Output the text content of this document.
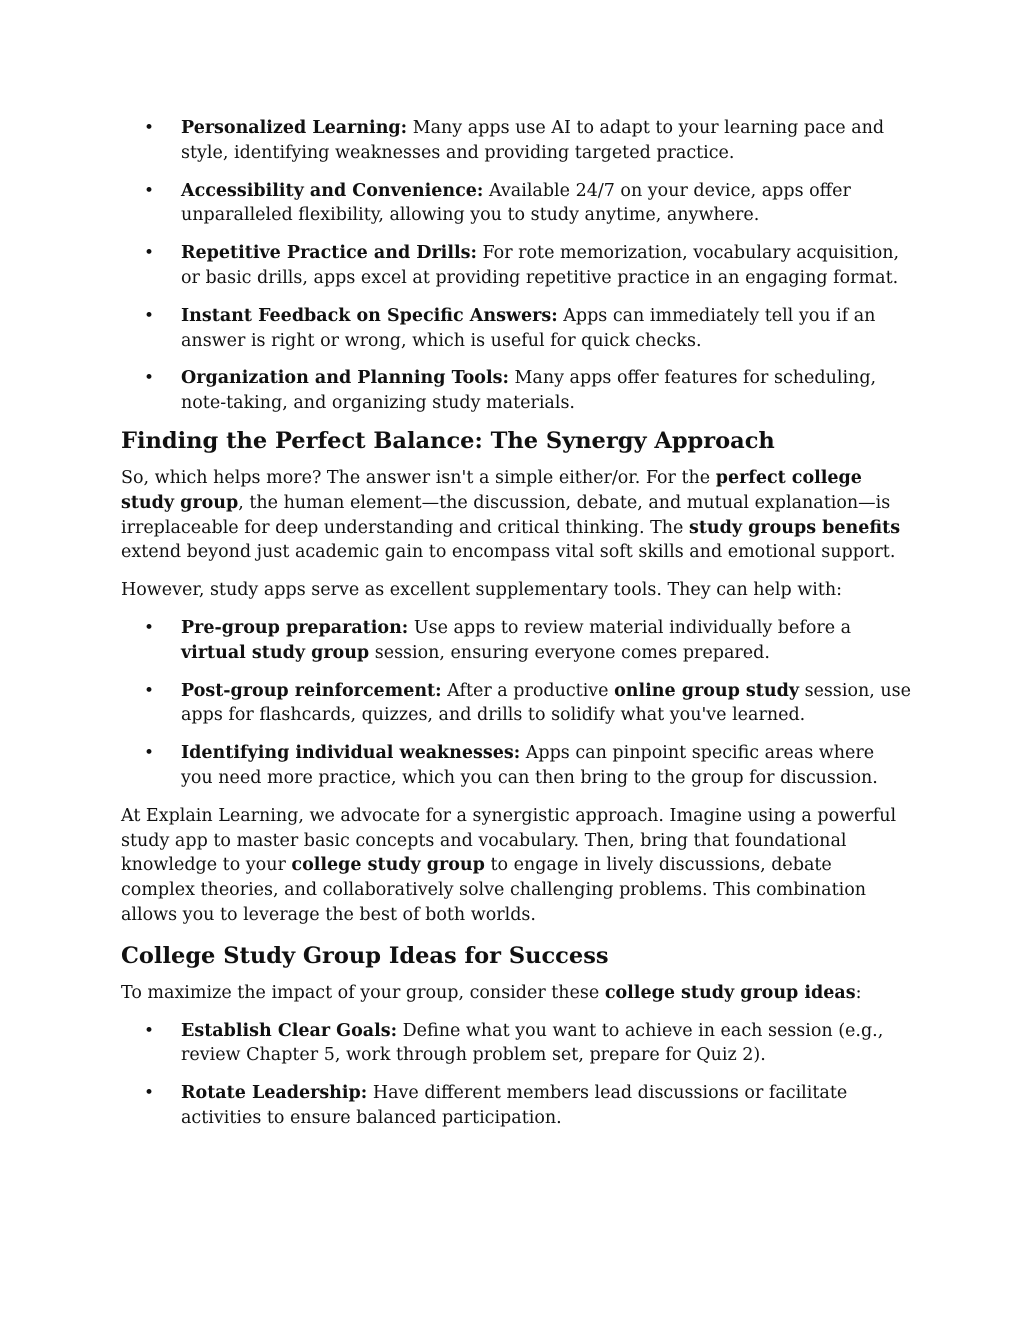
• Personalized Learning: Many apps use AI to adapt to your learning pace and style, identifying weaknesses and providing targeted practice.
• Accessibility and Convenience: Available 24/7 on your device, apps offer unparalleled flexibility, allowing you to study anytime, anywhere.
• Repetitive Practice and Drills: For rote memorization, vocabulary acquisition, or basic drills, apps excel at providing repetitive practice in an engaging format.
• Instant Feedback on Specific Answers: Apps can immediately tell you if an answer is right or wrong, which is useful for quick checks.
• Organization and Planning Tools: Many apps offer features for scheduling, note-taking, and organizing study materials.
Finding the Perfect Balance: The Synergy Approach

So, which helps more? The answer isn't a simple either/or. For the perfect college study group, the human element—the discussion, debate, and mutual explanation—is irreplaceable for deep understanding and critical thinking. The study groups benefits extend beyond just academic gain to encompass vital soft skills and emotional support.

However, study apps serve as excellent supplementary tools. They can help with:

• Pre-group preparation: Use apps to review material individually before a virtual study group session, ensuring everyone comes prepared.
• Post-group reinforcement: After a productive online group study session, use apps for flashcards, quizzes, and drills to solidify what you've learned.
• Identifying individual weaknesses: Apps can pinpoint specific areas where you need more practice, which you can then bring to the group for discussion.

At Explain Learning, we advocate for a synergistic approach. Imagine using a powerful study app to master basic concepts and vocabulary. Then, bring that foundational knowledge to your college study group to engage in lively discussions, debate complex theories, and collaboratively solve challenging problems. This combination allows you to leverage the best of both worlds.

College Study Group Ideas for Success

To maximize the impact of your group, consider these college study group ideas:

• Establish Clear Goals: Define what you want to achieve in each session (e.g., review Chapter 5, work through problem set, prepare for Quiz 2).
• Rotate Leadership: Have different members lead discussions or facilitate activities to ensure balanced participation.
